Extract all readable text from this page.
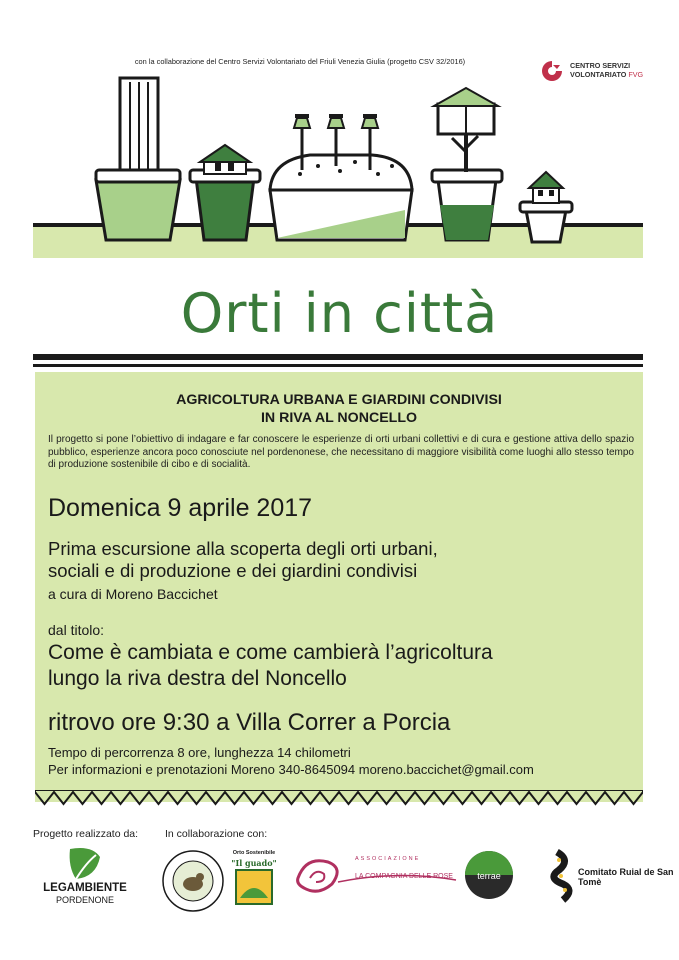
con la collaborazione del Centro Servizi Volontariato del Friuli Venezia Giulia (progetto CSV 32/2016)	CENTRO SERVIZI
VOLONTARIATO FVG
Orti in città
AGRICOLTURA URBANA E GIARDINI CONDIVISI
IN RIVA AL NONCELLO
Il progetto si pone l’obiettivo di indagare e far conoscere le esperienze di orti urbani collettivi e di cura e gestione attiva dello spazio pubblico, esperienze ancora poco conosciute nel pordenonese, che necessitano di maggiore visibilità come luoghi allo stesso tempo di produzione sostenibile di cibo e di socialità.
Domenica 9 aprile 2017
Prima escursione alla scoperta degli orti urbani,
sociali e di produzione e dei giardini condivisi
a cura di Moreno Baccichet
dal titolo:
Come è cambiata e come cambierà l’agricoltura
lungo la riva destra del Noncello
ritrovo ore 9:30 a Villa Correr a Porcia
Tempo di percorrenza 8 ore, lunghezza 14 chilometri
Per informazioni e prenotazioni Moreno 340-8645094 moreno.baccichet@gmail.com
Progetto realizzato da:	In collaborazione con:
LEGAMBIENTE
PORDENONE
Orto Sostenibile
"Il guado"	ASSOCIAZIONE
LA COMPAGNIA DELLE ROSE	terrae	Comitato Ruial de San Tomè
